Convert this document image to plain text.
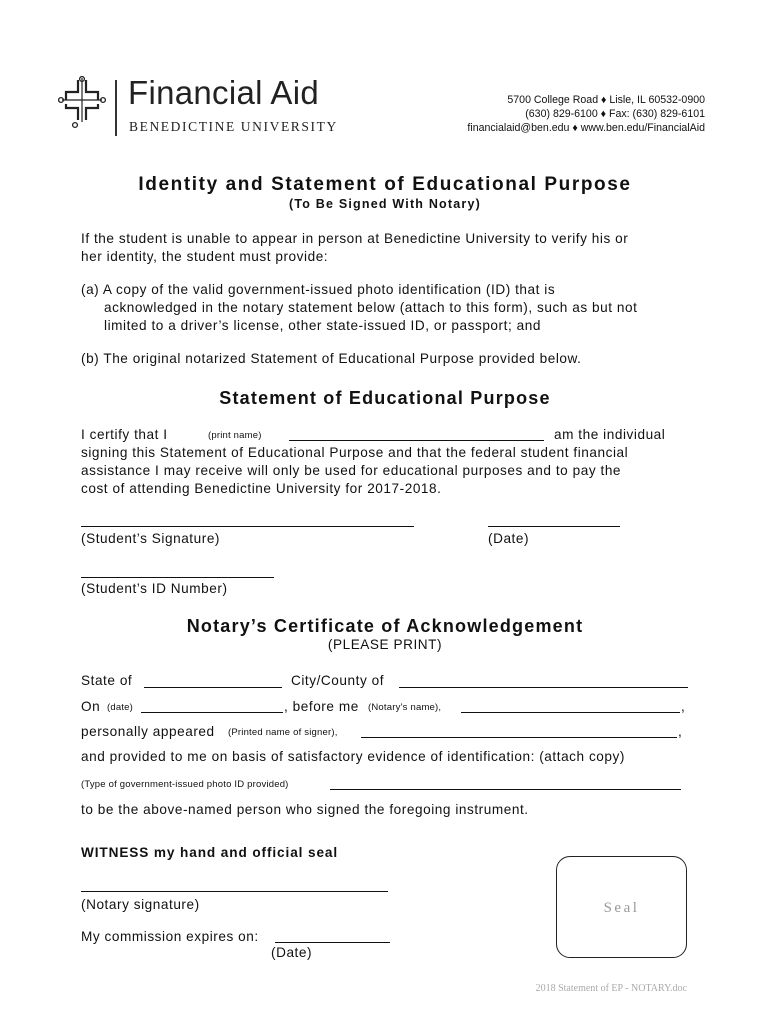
Financial Aid
BENEDICTINE UNIVERSITY
5700 College Road ♦ Lisle, IL 60532-0900
(630) 829-6100 ♦ Fax: (630) 829-6101
financialaid@ben.edu ♦ www.ben.edu/FinancialAid
Identity and Statement of Educational Purpose
(To Be Signed With Notary)
If the student is unable to appear in person at Benedictine University to verify his or
her identity, the student must provide:
(a) A copy of the valid government-issued photo identification (ID) that is
acknowledged in the notary statement below (attach to this form), such as but not
limited to a driver’s license, other state-issued ID, or passport; and
(b) The original notarized Statement of Educational Purpose provided below.
Statement of Educational Purpose
I certify that I	(print name)	am the individual
signing this Statement of Educational Purpose and that the federal student financial
assistance I may receive will only be used for educational purposes and to pay the
cost of attending Benedictine University for 2017-2018.
(Student’s Signature)	(Date)
(Student’s ID Number)
Notary’s Certificate of Acknowledgement
(PLEASE PRINT)
State of	City/County of
On (date)	, before me (Notary’s name),	,
personally appeared (Printed name of signer),	,
and provided to me on basis of satisfactory evidence of identification: (attach copy)
(Type of government-issued photo ID provided)
to be the above-named person who signed the foregoing instrument.
WITNESS my hand and official seal
(Notary signature)
My commission expires on:
(Date)
Seal
2018 Statement of EP - NOTARY.doc
